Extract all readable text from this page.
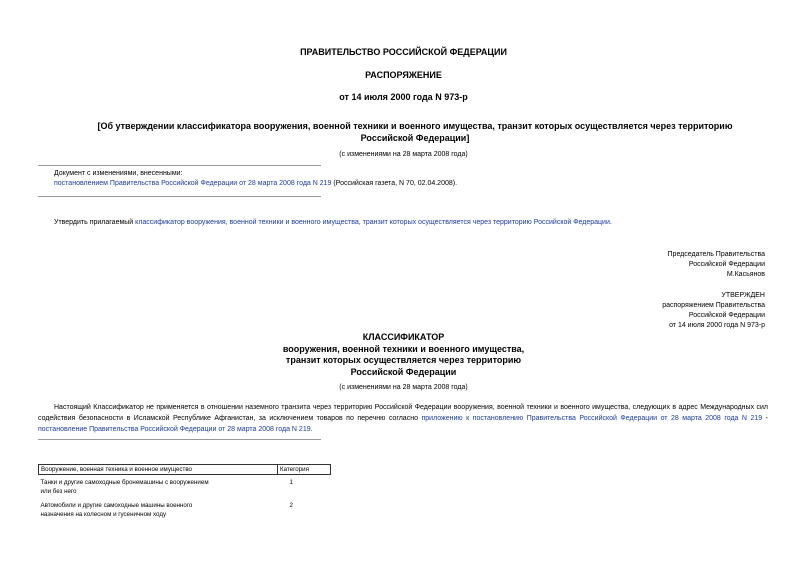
ПРАВИТЕЛЬСТВО РОССИЙСКОЙ ФЕДЕРАЦИИ
РАСПОРЯЖЕНИЕ
от 14 июля 2000 года N 973-р
[Об утверждении классификатора вооружения, военной техники и военного имущества, транзит которых осуществляется через территорию Российской Федерации]
(с изменениями на 28 марта 2008 года)
Документ с изменениями, внесенными:
постановлением Правительства Российской Федерации от 28 марта 2008 года N 219 (Российская газета, N 70, 02.04.2008).
Утвердить прилагаемый классификатор вооружения, военной техники и военного имущества, транзит которых осуществляется через территорию Российской Федерации.
Председатель Правительства
Российской Федерации
М.Касьянов
УТВЕРЖДЕН
распоряжением Правительства
Российской Федерации
от 14 июля 2000 года N 973-р
КЛАССИФИКАТОР
вооружения, военной техники и военного имущества,
транзит которых осуществляется через территорию
Российской Федерации
(с изменениями на 28 марта 2008 года)
Настоящий Классификатор не применяется в отношении наземного транзита через территорию Российской Федерации вооружения, военной техники и военного имущества, следующих в адрес Международных сил содействия безопасности в Исламской Республике Афганистан, за исключением товаров по перечню согласно приложению к постановлению Правительства Российской Федерации от 28 марта 2008 года N 219 - постановление Правительства Российской Федерации от 28 марта 2008 года N 219.
Вооружение, военная техника и военное имущество	Категория

Танки и другие самоходные бронемашины с вооружением или без него	1

Автомобили и другие самоходные машины военного назначения на колесном и гусеничном ходу	2
